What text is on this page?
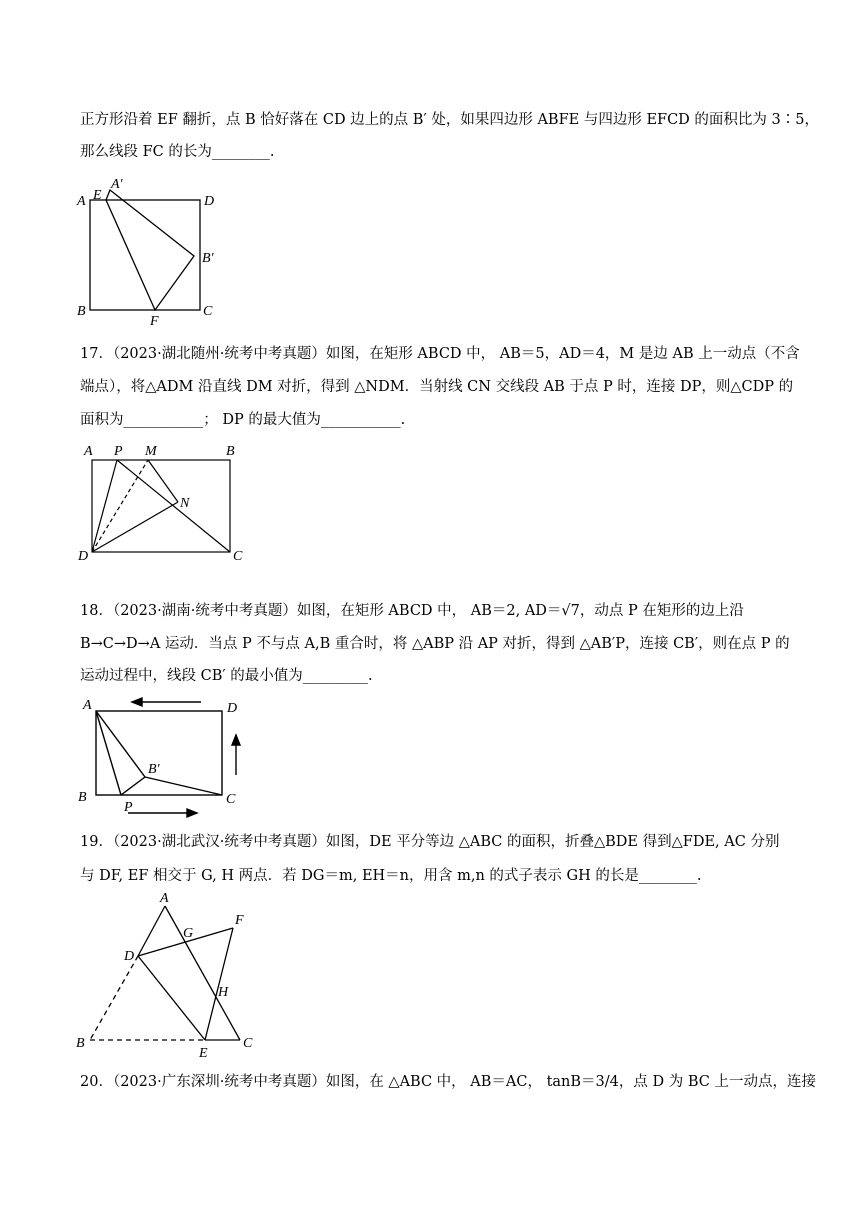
正方形沿着 EF 翻折，点 B 恰好落在 CD 边上的点 B′ 处，如果四边形 ABFE 与四边形 EFCD 的面积比为 3∶5，
那么线段 FC 的长为________.
A E
A′
D
B′
B
F
C
17．（2023·湖北随州·统考中考真题）如图，在矩形 ABCD 中， AB＝5，AD＝4，M 是边 AB 上一动点（不含
端点），将△ADM 沿直线 DM 对折，得到 △NDM．当射线 CN 交线段 AB 于点 P 时，连接 DP，则△CDP 的
面积为___________； DP 的最大值为___________.
A P M	B
N
D	C
18．（2023·湖南·统考中考真题）如图，在矩形 ABCD 中， AB＝2, AD＝√7，动点 P 在矩形的边上沿
B→C→D→A 运动．当点 P 不与点 A,B 重合时，将 △ABP 沿 AP 对折，得到 △AB′P，连接 CB′，则在点 P 的
运动过程中，线段 CB′ 的最小值为_________.
A	D
B′
B
P
C
19．（2023·湖北武汉·统考中考真题）如图，DE 平分等边 △ABC 的面积，折叠△BDE 得到△FDE, AC 分别
与 DF, EF 相交于 G, H 两点．若 DG＝m, EH＝n，用含 m,n 的式子表示 GH 的长是________.
A
F
G
D
H
B
E
C
20．（2023·广东深圳·统考中考真题）如图，在 △ABC 中， AB＝AC， tanB＝3/4，点 D 为 BC 上一动点，连接
